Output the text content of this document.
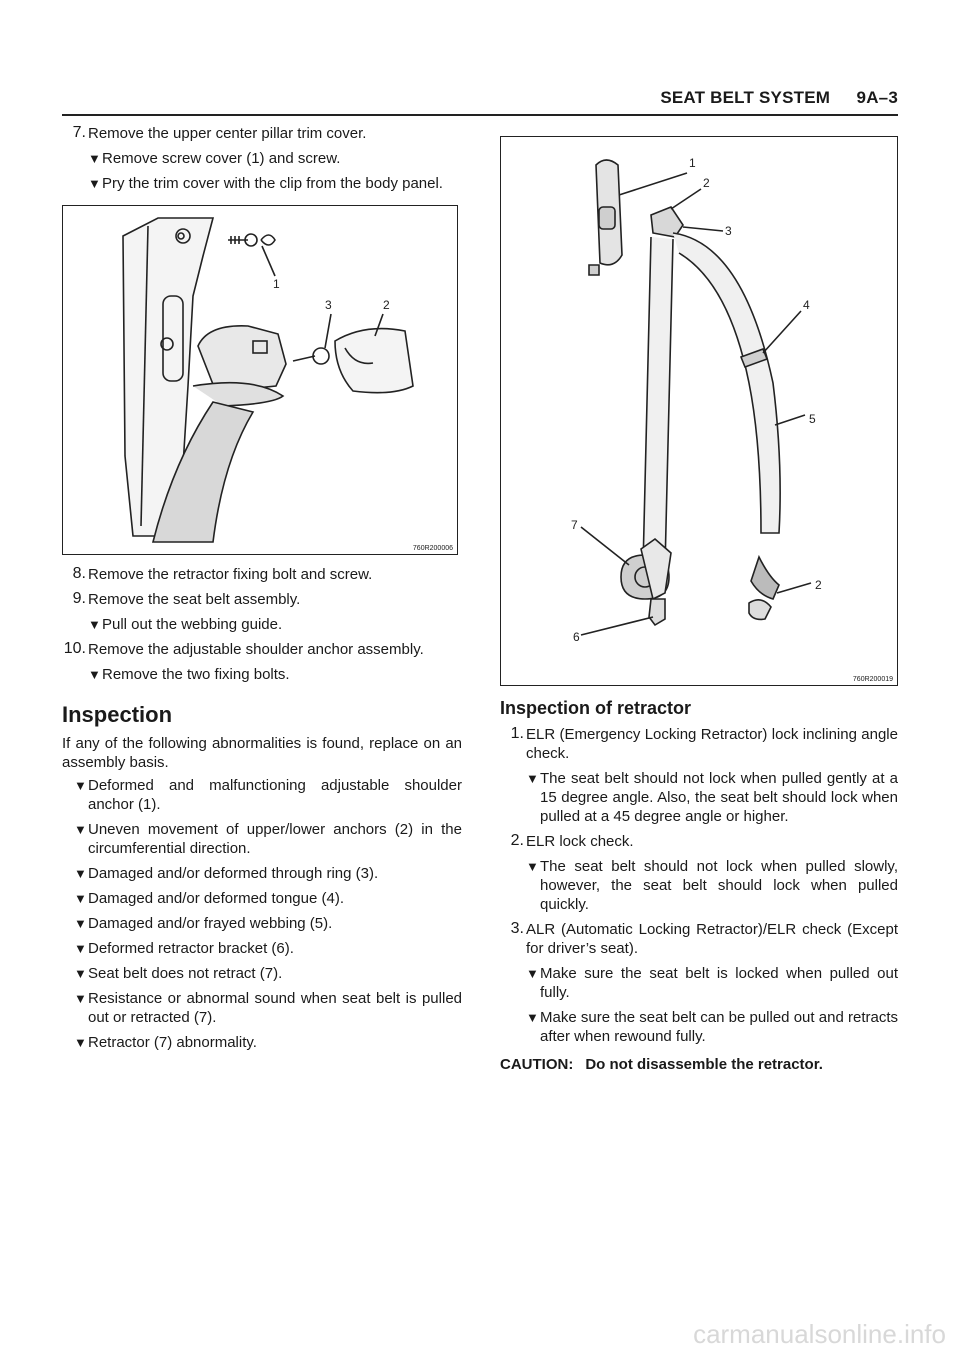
SEAT BELT SYSTEM 9A–3
7. Remove the upper center pillar trim cover.

▼ Remove screw cover (1) and screw.

▼ Pry the trim cover with the clip from the body panel.

1
3	2
760R200006
8. Remove the retractor fixing bolt and screw.

9. Remove the seat belt assembly.

▼ Pull out the webbing guide.

10. Remove the adjustable shoulder anchor assembly.

▼ Remove the two fixing bolts.

Inspection

If any of the following abnormalities is found, replace on an assembly basis.

▼ Deformed and malfunctioning adjustable shoulder anchor (1).

▼ Uneven movement of upper/lower anchors (2) in the circumferential direction.

▼ Damaged and/or deformed through ring (3).

▼ Damaged and/or deformed tongue (4).

▼ Damaged and/or frayed webbing (5).

▼ Deformed retractor bracket (6).

▼ Seat belt does not retract (7).

▼ Resistance or abnormal sound when seat belt is pulled out or retracted (7).

▼ Retractor (7) abnormality.

1
2
3
4
5
7
6
2
760R200019
Inspection of retractor
1. ELR (Emergency Locking Retractor) lock inclining angle check.

▼ The seat belt should not lock when pulled gently at a 15 degree angle. Also, the seat belt should lock when pulled at a 45 degree angle or higher.

2. ELR lock check.

▼ The seat belt should not lock when pulled slowly, however, the seat belt should lock when pulled quickly.

3. ALR (Automatic Locking Retractor)/ELR check (Except for driver’s seat).

▼ Make sure the seat belt is locked when pulled out fully.

▼ Make sure the seat belt can be pulled out and retracts after when rewound fully.

CAUTION: Do not disassemble the retractor.
carmanualsonline.info
